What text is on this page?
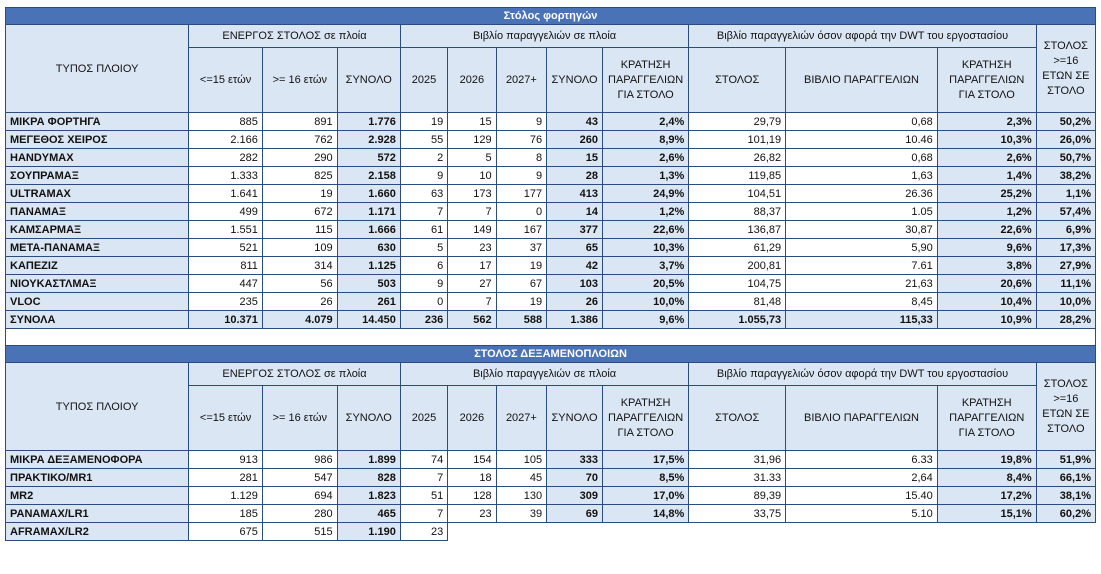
Στόλος φορτηγών												
ΤΥΠΟΣ ΠΛΟΙΟΥ	ΕΝΕΡΓΟΣ ΣΤΟΛΟΣ σε πλοία			Βιβλίο παραγγελιών σε πλοία					Βιβλίο παραγγελιών όσον αφορά την DWT του εργοστασίου			ΣΤΟΛΟΣ >=16 ΕΤΩΝ ΣΕ ΣΤΟΛΟ
	<=15 ετών	>= 16 ετών	ΣΥΝΟΛΟ	2025	2026	2027+	ΣΥΝΟΛΟ	ΚΡΑΤΗΣΗ ΠΑΡΑΓΓΕΛΙΩΝ ΓΙΑ ΣΤΟΛΟ	ΣΤΟΛΟΣ	ΒΙΒΛΙΟ ΠΑΡΑΓΓΕΛΙΩΝ	ΚΡΑΤΗΣΗ ΠΑΡΑΓΓΕΛΙΩΝ ΓΙΑ ΣΤΟΛΟ	
ΜΙΚΡΑ ΦΟΡΤΗΓΑ	885	891	1.776	19	15	9	43	2,4%	29,79	0,68	2,3%	50,2%
ΜΕΓΕΘΟΣ ΧΕΙΡΟΣ	2.166	762	2.928	55	129	76	260	8,9%	101,19	10.46	10,3%	26,0%
HANDYMAX	282	290	572	2	5	8	15	2,6%	26,82	0,68	2,6%	50,7%
ΣΟΥΠΡΑΜΑΞ	1.333	825	2.158	9	10	9	28	1,3%	119,85	1,63	1,4%	38,2%
ULTRAMAX	1.641	19	1.660	63	173	177	413	24,9%	104,51	26.36	25,2%	1,1%
ΠΑΝΑΜΑΞ	499	672	1.171	7	7	0	14	1,2%	88,37	1.05	1,2%	57,4%
ΚΑΜΣΑΡΜΑΞ	1.551	115	1.666	61	149	167	377	22,6%	136,87	30,87	22,6%	6,9%
ΜΕΤΑ-ΠΑΝΑΜΑΞ	521	109	630	5	23	37	65	10,3%	61,29	5,90	9,6%	17,3%
ΚΑΠΕΖΙΖ	811	314	1.125	6	17	19	42	3,7%	200,81	7.61	3,8%	27,9%
ΝΙΟΥΚΑΣΤΛΜΑΞ	447	56	503	9	27	67	103	20,5%	104,75	21,63	20,6%	11,1%
VLOC	235	26	261	0	7	19	26	10,0%	81,48	8,45	10,4%	10,0%
ΣΥΝΟΛΑ	10.371	4.079	14.450	236	562	588	1.386	9,6%	1.055,73	115,33	10,9%	28,2%

ΣΤΟΛΟΣ ΔΕΞΑΜΕΝΟΠΛΟΙΩΝ												
ΤΥΠΟΣ ΠΛΟΙΟΥ	ΕΝΕΡΓΟΣ ΣΤΟΛΟΣ σε πλοία			Βιβλίο παραγγελιών σε πλοία					Βιβλίο παραγγελιών όσον αφορά την DWT του εργοστασίου			ΣΤΟΛΟΣ >=16 ΕΤΩΝ ΣΕ ΣΤΟΛΟ
	<=15 ετών	>= 16 ετών	ΣΥΝΟΛΟ	2025	2026	2027+	ΣΥΝΟΛΟ	ΚΡΑΤΗΣΗ ΠΑΡΑΓΓΕΛΙΩΝ ΓΙΑ ΣΤΟΛΟ	ΣΤΟΛΟΣ	ΒΙΒΛΙΟ ΠΑΡΑΓΓΕΛΙΩΝ	ΚΡΑΤΗΣΗ ΠΑΡΑΓΓΕΛΙΩΝ ΓΙΑ ΣΤΟΛΟ	
ΜΙΚΡΑ ΔΕΞΑΜΕΝΟΦΟΡΑ	913	986	1.899	74	154	105	333	17,5%	31,96	6.33	19,8%	51,9%
ΠΡΑΚΤΙΚΟ/MR1	281	547	828	7	18	45	70	8,5%	31.33	2,64	8,4%	66,1%
MR2	1.129	694	1.823	51	128	130	309	17,0%	89,39	15.40	17,2%	38,1%
PANAMAX/LR1	185	280	465	7	23	39	69	14,8%	33,75	5.10	15,1%	60,2%
AFRAMAX/LR2	675	515	1.190	23								
